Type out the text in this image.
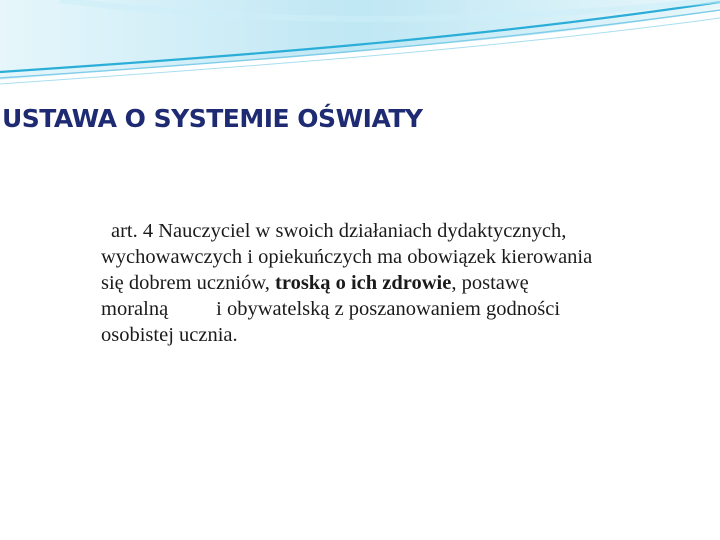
USTAWA O SYSTEMIE OŚWIATY
art. 4 Nauczyciel w swoich działaniach dydaktycznych,
wychowawczych i opiekuńczych ma obowiązek kierowania
się dobrem uczniów, troską o ich zdrowie, postawę
moralną i obywatelską z poszanowaniem godności
osobistej ucznia.
